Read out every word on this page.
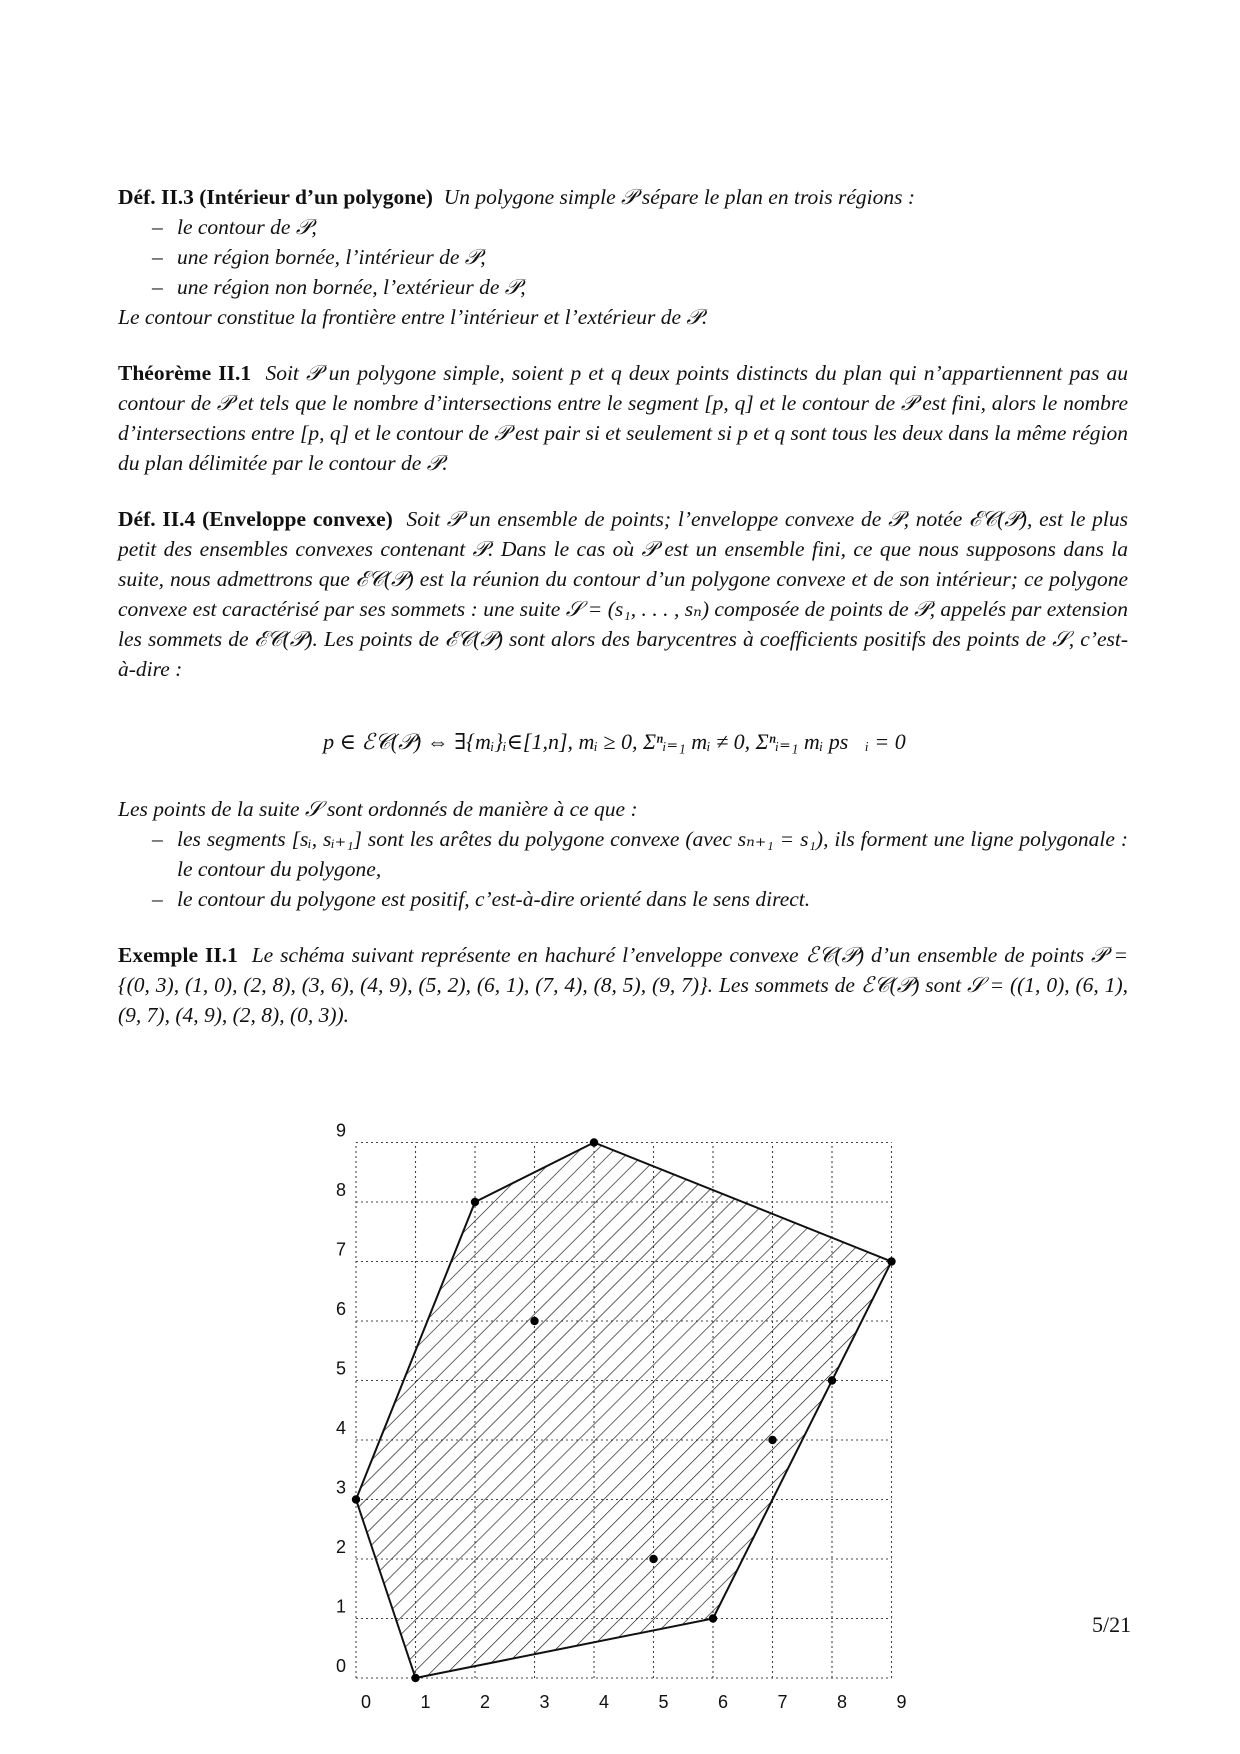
Déf. II.3 (Intérieur d’un polygone) Un polygone simple 𝒫 sépare le plan en trois régions :
– le contour de 𝒫,
– une région bornée, l’intérieur de 𝒫,
– une région non bornée, l’extérieur de 𝒫,
Le contour constitue la frontière entre l’intérieur et l’extérieur de 𝒫.
Théorème II.1 Soit 𝒫 un polygone simple, soient p et q deux points distincts du plan qui n’appartiennent pas au contour de 𝒫 et tels que le nombre d’intersections entre le segment [p, q] et le contour de 𝒫 est fini, alors le nombre d’intersections entre [p, q] et le contour de 𝒫 est pair si et seulement si p et q sont tous les deux dans la même région du plan délimitée par le contour de 𝒫.
Déf. II.4 (Enveloppe convexe) Soit 𝒫 un ensemble de points; l’enveloppe convexe de 𝒫, notée ℰ𝒞(𝒫), est le plus petit des ensembles convexes contenant 𝒫. Dans le cas où 𝒫 est un ensemble fini, ce que nous supposons dans la suite, nous admettrons que ℰ𝒞(𝒫) est la réunion du contour d’un polygone convexe et de son intérieur; ce polygone convexe est caractérisé par ses sommets : une suite 𝒮 = (s₁, . . . , sₙ) composée de points de 𝒫, appelés par extension les sommets de ℰ𝒞(𝒫). Les points de ℰ𝒞(𝒫) sont alors des barycentres à coefficients positifs des points de 𝒮, c’est-à-dire :
p ∈ ℰ𝒞(𝒫) ⇔ ∃{mᵢ}ᵢ∈[1,n], mᵢ ≥ 0, Σⁿᵢ₌₁ mᵢ ≠ 0, Σⁿᵢ₌₁ mᵢ ps⃗ᵢ = 0⃗
Les points de la suite 𝒮 sont ordonnés de manière à ce que :
– les segments [sᵢ, sᵢ₊₁] sont les arêtes du polygone convexe (avec sₙ₊₁ = s₁), ils forment une ligne polygonale : le contour du polygone,
– le contour du polygone est positif, c’est-à-dire orienté dans le sens direct.
Exemple II.1 Le schéma suivant représente en hachuré l’enveloppe convexe ℰ𝒞(𝒫) d’un ensemble de points 𝒫 = {(0, 3), (1, 0), (2, 8), (3, 6), (4, 9), (5, 2), (6, 1), (7, 4), (8, 5), (9, 7)}. Les sommets de ℰ𝒞(𝒫) sont 𝒮 = ((1, 0), (6, 1), (9, 7), (4, 9), (2, 8), (0, 3)).
0	1	2	3	4	5	6	7	8	9
0
1
2
3
4
5
6
7
8
9
5/21
